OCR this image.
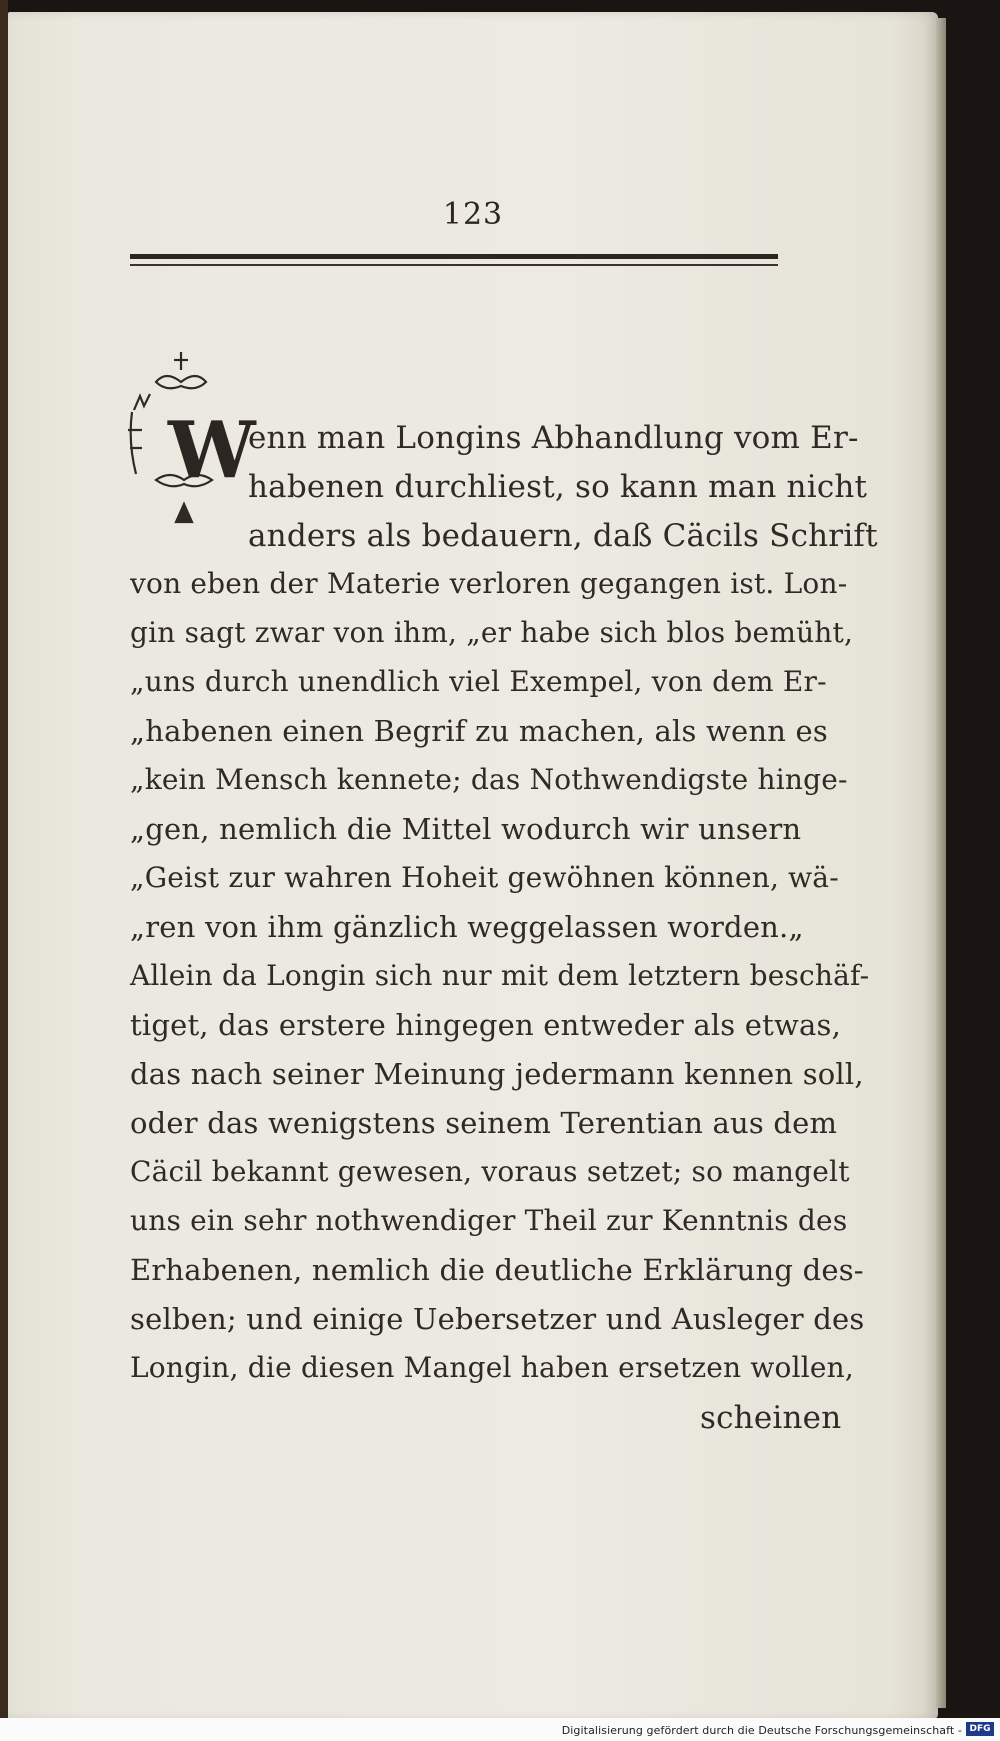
123
W
enn man Longins Abhandlung vom Er-
habenen durchliest, so kann man nicht
anders als bedauern, daß Cäcils Schrift
von eben der Materie verloren gegangen ist. Lon-
gin sagt zwar von ihm, „er habe sich blos bemüht,
„uns durch unendlich viel Exempel, von dem Er-
„habenen einen Begrif zu machen, als wenn es
„kein Mensch kennete; das Nothwendigste hinge-
„gen, nemlich die Mittel wodurch wir unsern
„Geist zur wahren Hoheit gewöhnen können, wä-
„ren von ihm gänzlich weggelassen worden.„
Allein da Longin sich nur mit dem letztern beschäf-
tiget, das erstere hingegen entweder als etwas,
das nach seiner Meinung jedermann kennen soll,
oder das wenigstens seinem Terentian aus dem
Cäcil bekannt gewesen, voraus setzet; so mangelt
uns ein sehr nothwendiger Theil zur Kenntnis des
Erhabenen, nemlich die deutliche Erklärung des-
selben; und einige Uebersetzer und Ausleger des
Longin, die diesen Mangel haben ersetzen wollen,
scheinen
Digitalisierung gefördert durch die Deutsche Forschungsgemeinschaft - DFG
